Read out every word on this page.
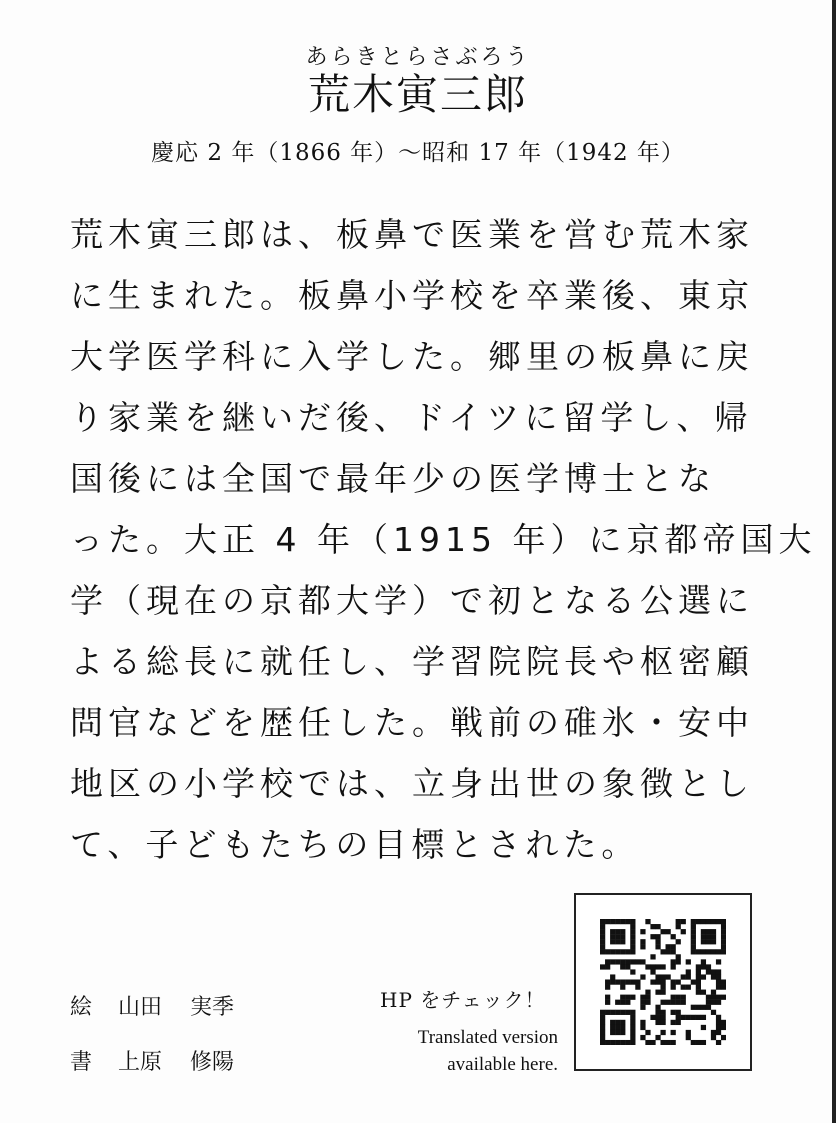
あらきとらさぶろう
荒木寅三郎
慶応 2 年（1866 年）～昭和 17 年（1942 年）
荒木寅三郎は、板鼻で医業を営む荒木家
に生まれた。板鼻小学校を卒業後、東京
大学医学科に入学した。郷里の板鼻に戻
り家業を継いだ後、ドイツに留学し、帰
国後には全国で最年少の医学博士とな
った。大正 4 年（1915 年）に京都帝国大
学（現在の京都大学）で初となる公選に
よる総長に就任し、学習院院長や枢密顧
問官などを歴任した。戦前の碓氷・安中
地区の小学校では、立身出世の象徴とし
て、子どもたちの目標とされた。
絵 山田 実季
書 上原 修陽
HP をチェック！
Translated version
available here.
